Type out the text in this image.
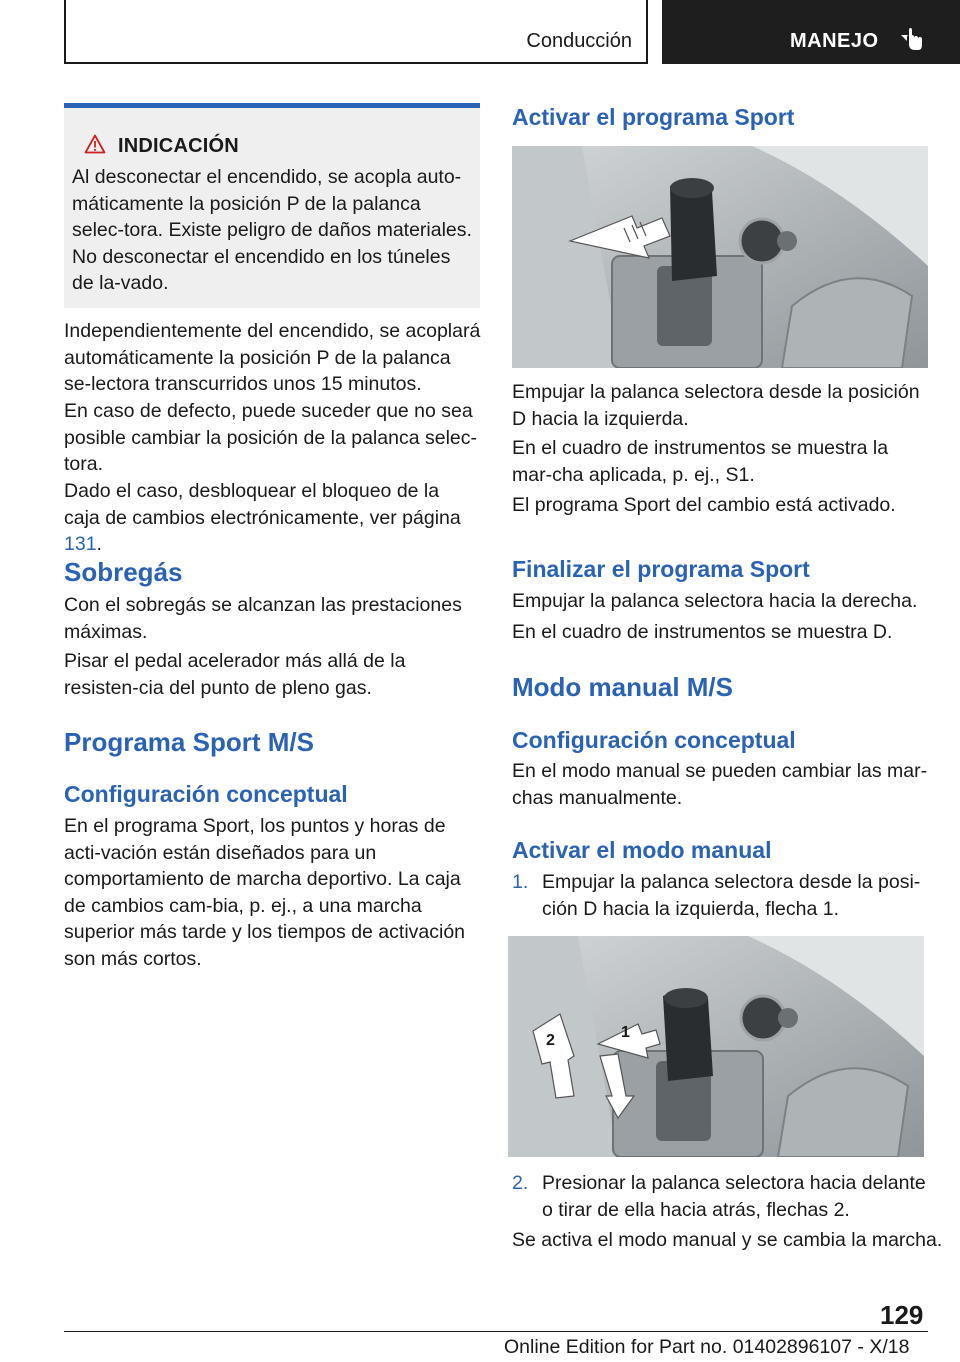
Conducción	MANEJO
INDICACIÓN
Al desconectar el encendido, se acopla auto-máticamente la posición P de la palanca selec-tora. Existe peligro de daños materiales. No desconectar el encendido en los túneles de la-vado.

Independientemente del encendido, se acoplará automáticamente la posición P de la palanca se-lectora transcurridos unos 15 minutos.

En caso de defecto, puede suceder que no sea posible cambiar la posición de la palanca selec-tora.

Dado el caso, desbloquear el bloqueo de la caja de cambios electrónicamente, ver página 131.

Sobregás

Con el sobregás se alcanzan las prestaciones máximas.

Pisar el pedal acelerador más allá de la resisten-cia del punto de pleno gas.

Programa Sport M/S
Configuración conceptual

En el programa Sport, los puntos y horas de acti-vación están diseñados para un comportamiento de marcha deportivo. La caja de cambios cam-bia, p. ej., a una marcha superior más tarde y los tiempos de activación son más cortos.

Activar el programa Sport

Empujar la palanca selectora desde la posición D hacia la izquierda.

En el cuadro de instrumentos se muestra la mar-cha aplicada, p. ej., S1.

El programa Sport del cambio está activado.

Finalizar el programa Sport

Empujar la palanca selectora hacia la derecha.

En el cuadro de instrumentos se muestra D.

Modo manual M/S
Configuración conceptual

En el modo manual se pueden cambiar las mar-chas manualmente.

Activar el modo manual
1. Empujar la palanca selectora desde la posi-ción D hacia la izquierda, flecha 1.
1
2
2. Presionar la palanca selectora hacia delante o tirar de ella hacia atrás, flechas 2.

Se activa el modo manual y se cambia la marcha.

129
Online Edition for Part no. 01402896107 - X/18
